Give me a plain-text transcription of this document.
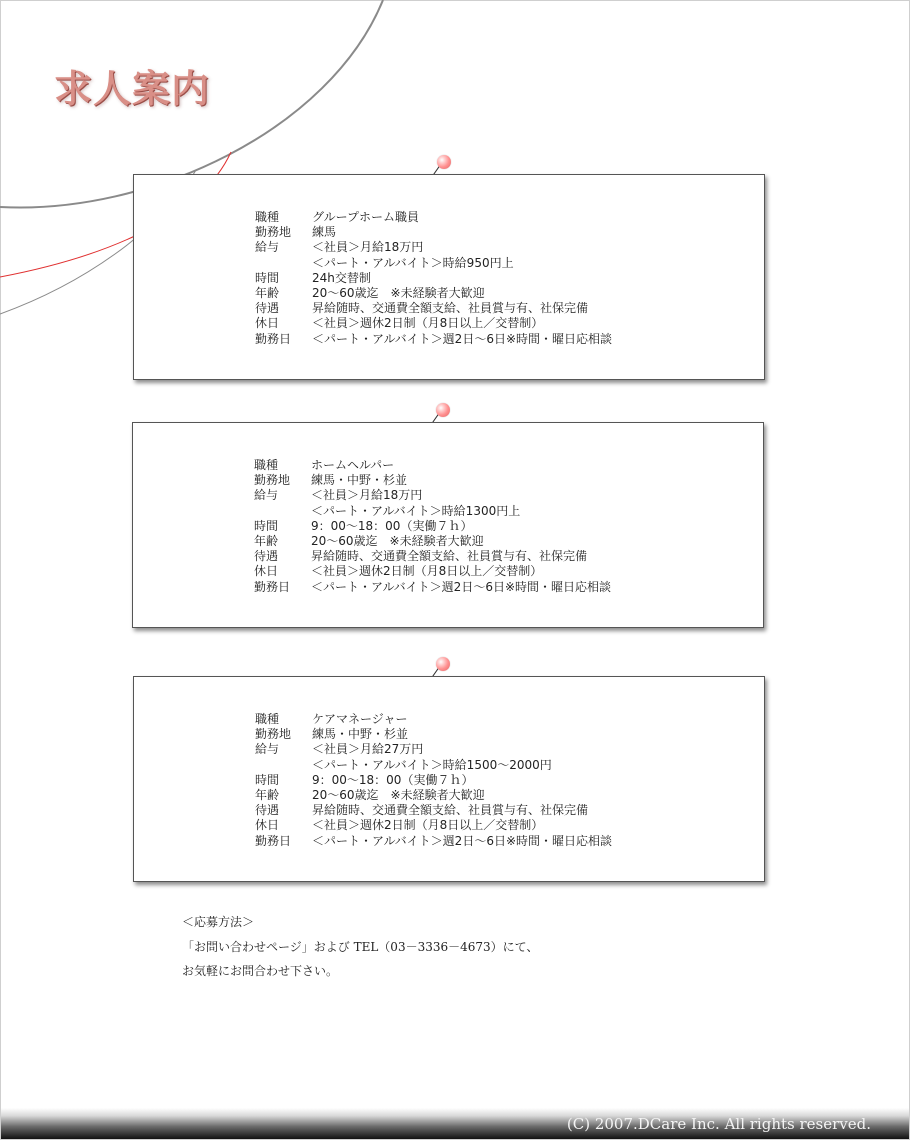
求人案内
職種	グループホーム職員
勤務地	練馬
給与	＜社員＞月給18万円
＜パート・アルバイト＞時給950円上
時間	24h交替制
年齢	20～60歳迄　※未経験者大歓迎
待遇	昇給随時、交通費全額支給、社員賞与有、社保完備
休日	＜社員＞週休2日制（月8日以上／交替制）
勤務日	＜パート・アルバイト＞週2日～6日※時間・曜日応相談
職種	ホームヘルパー
勤務地	練馬・中野・杉並
給与	＜社員＞月給18万円
＜パート・アルバイト＞時給1300円上
時間	9：00～18：00（実働７ｈ）
年齢	20～60歳迄　※未経験者大歓迎
待遇	昇給随時、交通費全額支給、社員賞与有、社保完備
休日	＜社員＞週休2日制（月8日以上／交替制）
勤務日	＜パート・アルバイト＞週2日～6日※時間・曜日応相談
職種	ケアマネージャー
勤務地	練馬・中野・杉並
給与	＜社員＞月給27万円
＜パート・アルバイト＞時給1500～2000円
時間	9：00～18：00（実働７ｈ）
年齢	20～60歳迄　※未経験者大歓迎
待遇	昇給随時、交通費全額支給、社員賞与有、社保完備
休日	＜社員＞週休2日制（月8日以上／交替制）
勤務日	＜パート・アルバイト＞週2日～6日※時間・曜日応相談
＜応募方法＞
「お問い合わせページ」および TEL（03－3336－4673）にて、
お気軽にお問合わせ下さい。
(C) 2007.DCare Inc. All rights reserved.
